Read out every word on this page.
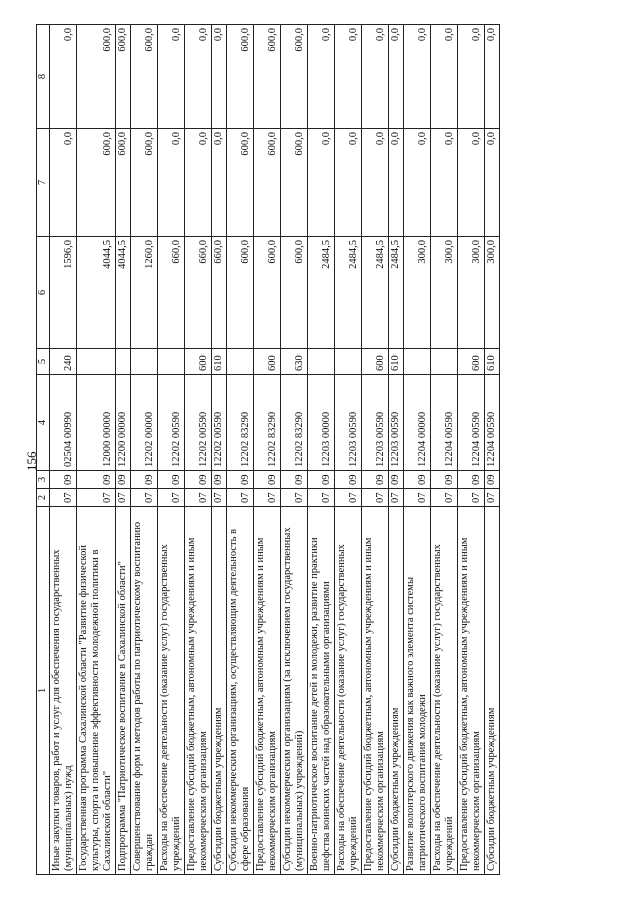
156
1	2	3	4	5	6	7	8
Иные закупки товаров, работ и услуг для обеспечения государственных (муниципальных) нужд	07	09	02504 00990	240	1596,0	0,0	0,0
Государственная программа Сахалинской области "Развитие физической культуры, спорта и повышение эффективности молодежной политики в Сахалинской области"	07	09	12000 00000		4044,5	600,0	600,0
Подпрограмма "Патриотическое воспитание в Сахалинской области"	07	09	12200 00000		4044,5	600,0	600,0
Совершенствование форм и методов работы по патриотическому воспитанию граждан	07	09	12202 00000		1260,0	600,0	600,0
Расходы на обеспечение деятельности (оказание услуг) государственных учреждений	07	09	12202 00590		660,0	0,0	0,0
Предоставление субсидий бюджетным, автономным учреждениям и иным некоммерческим организациям	07	09	12202 00590	600	660,0	0,0	0,0
Субсидии бюджетным учреждениям	07	09	12202 00590	610	660,0	0,0	0,0
Субсидии некоммерческим организациям, осуществляющим деятельность в сфере образования	07	09	12202 83290		600,0	600,0	600,0
Предоставление субсидий бюджетным, автономным учреждениям и иным некоммерческим организациям	07	09	12202 83290	600	600,0	600,0	600,0
Субсидии некоммерческим организациям (за исключением государственных (муниципальных) учреждений)	07	09	12202 83290	630	600,0	600,0	600,0
Военно-патриотическое воспитание детей и молодежи, развитие практики шефства воинских частей над образовательными организациями	07	09	12203 00000		2484,5	0,0	0,0
Расходы на обеспечение деятельности (оказание услуг) государственных учреждений	07	09	12203 00590		2484,5	0,0	0,0
Предоставление субсидий бюджетным, автономным учреждениям и иным некоммерческим организациям	07	09	12203 00590	600	2484,5	0,0	0,0
Субсидии бюджетным учреждениям	07	09	12203 00590	610	2484,5	0,0	0,0
Развитие волонтерского движения как важного элемента системы патриотического воспитания молодежи	07	09	12204 00000		300,0	0,0	0,0
Расходы на обеспечение деятельности (оказание услуг) государственных учреждений	07	09	12204 00590		300,0	0,0	0,0
Предоставление субсидий бюджетным, автономным учреждениям и иным некоммерческим организациям	07	09	12204 00590	600	300,0	0,0	0,0
Субсидии бюджетным учреждениям	07	09	12204 00590	610	300,0	0,0	0,0
